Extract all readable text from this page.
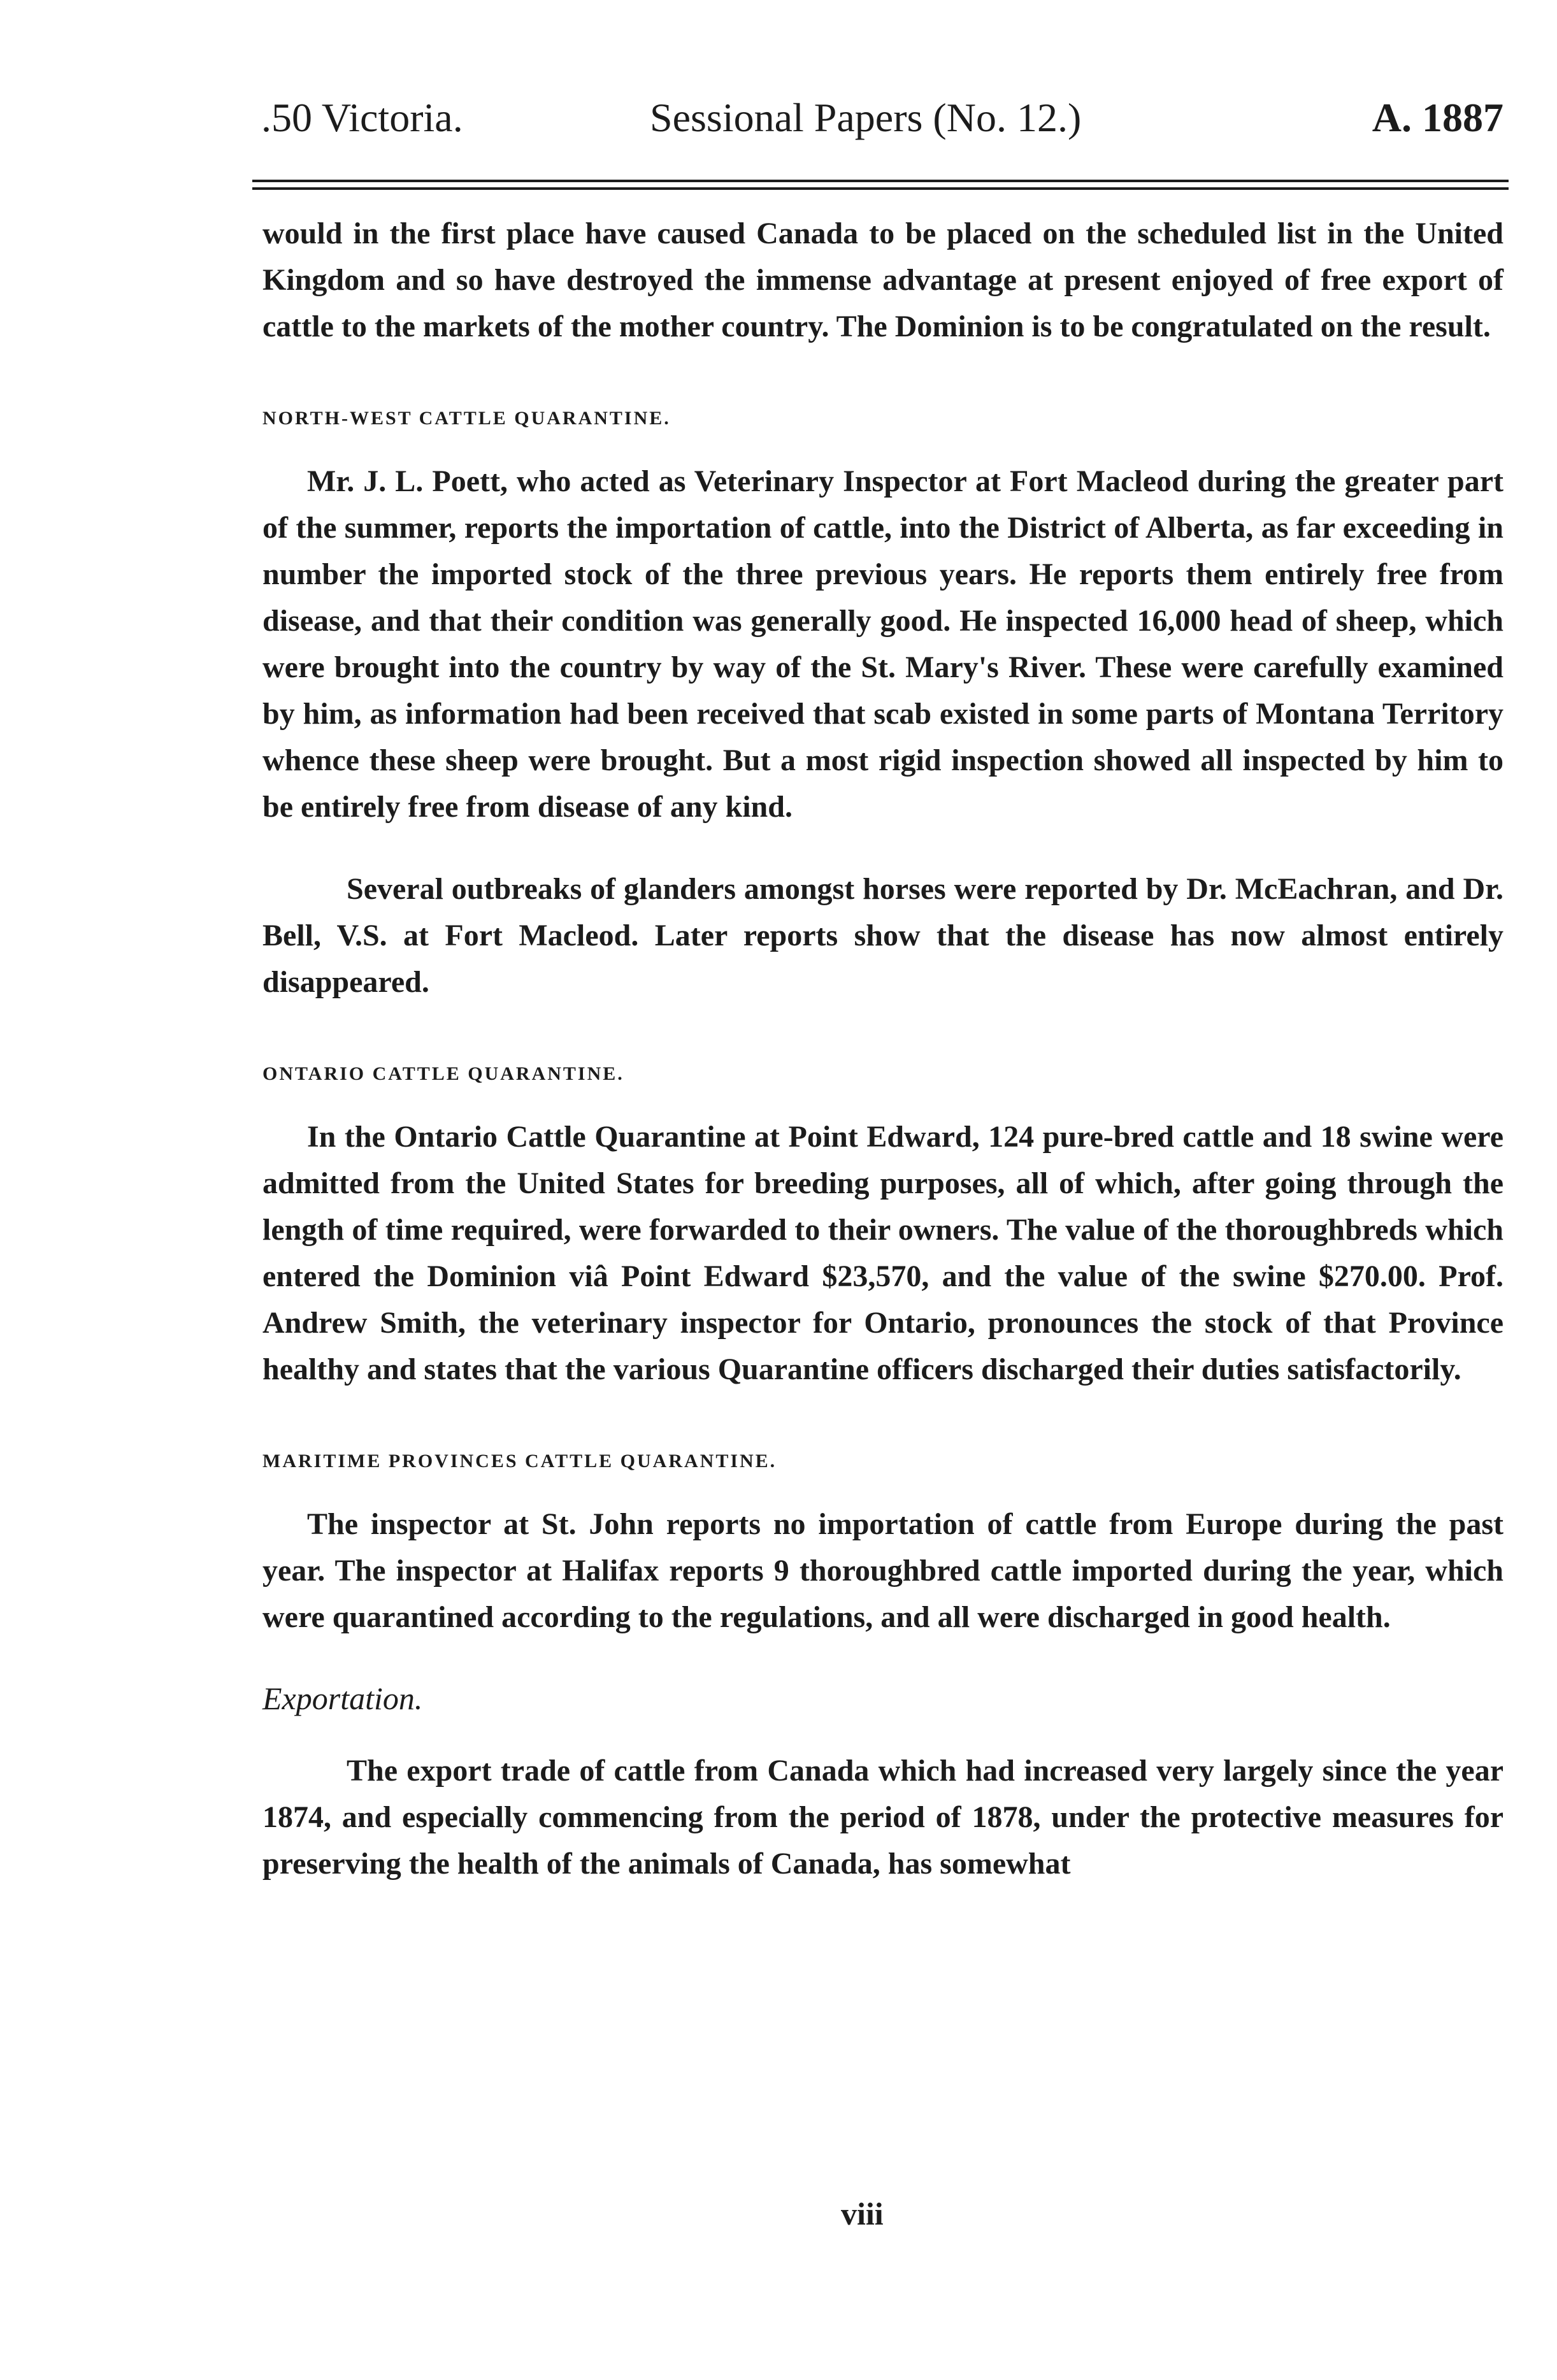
.50 Victoria.	Sessional Papers (No. 12.)	A. 1887

would in the first place have caused Canada to be placed on the scheduled list in the United Kingdom and so have destroyed the immense advantage at present enjoyed of free export of cattle to the markets of the mother country. The Dominion is to be congratulated on the result.

NORTH-WEST CATTLE QUARANTINE.

Mr. J. L. Poett, who acted as Veterinary Inspector at Fort Macleod during the greater part of the summer, reports the importation of cattle, into the District of Alberta, as far exceeding in number the imported stock of the three previous years. He reports them entirely free from disease, and that their condition was generally good. He inspected 16,000 head of sheep, which were brought into the country by way of the St. Mary's River. These were carefully examined by him, as information had been received that scab existed in some parts of Montana Territory whence these sheep were brought. But a most rigid inspection showed all inspected by him to be entirely free from disease of any kind.

Several outbreaks of glanders amongst horses were reported by Dr. McEachran, and Dr. Bell, V.S. at Fort Macleod. Later reports show that the disease has now almost entirely disappeared.

ONTARIO CATTLE QUARANTINE.

In the Ontario Cattle Quarantine at Point Edward, 124 pure-bred cattle and 18 swine were admitted from the United States for breeding purposes, all of which, after going through the length of time required, were forwarded to their owners. The value of the thoroughbreds which entered the Dominion viâ Point Edward $23,570, and the value of the swine $270.00. Prof. Andrew Smith, the veterinary inspector for Ontario, pronounces the stock of that Province healthy and states that the various Quarantine officers discharged their duties satisfactorily.

MARITIME PROVINCES CATTLE QUARANTINE.

The inspector at St. John reports no importation of cattle from Europe during the past year. The inspector at Halifax reports 9 thoroughbred cattle imported during the year, which were quarantined according to the regulations, and all were discharged in good health.

Exportation.

The export trade of cattle from Canada which had increased very largely since the year 1874, and especially commencing from the period of 1878, under the protective measures for preserving the health of the animals of Canada, has somewhat

viii
